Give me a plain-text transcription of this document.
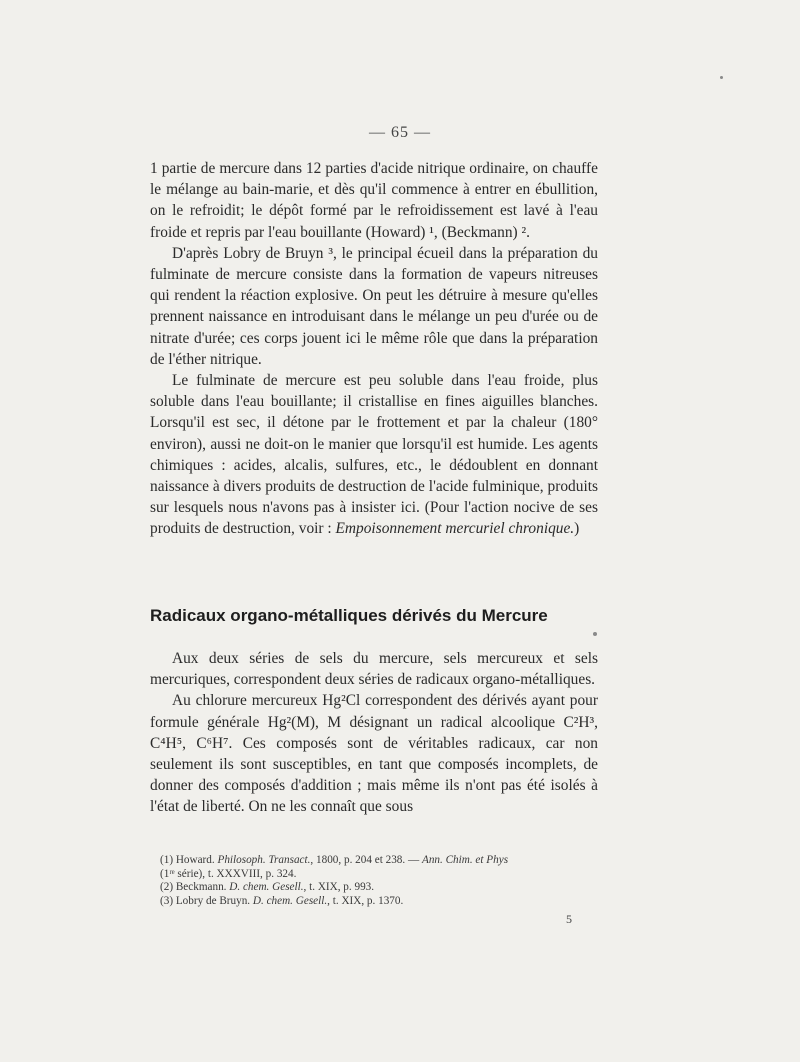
— 65 —

1 partie de mercure dans 12 parties d'acide nitrique ordinaire, on chauffe le mélange au bain-marie, et dès qu'il commence à entrer en ébullition, on le refroidit; le dépôt formé par le refroidissement est lavé à l'eau froide et repris par l'eau bouillante (Howard) ¹, (Beckmann) ².

D'après Lobry de Bruyn ³, le principal écueil dans la préparation du fulminate de mercure consiste dans la formation de vapeurs nitreuses qui rendent la réaction explosive. On peut les détruire à mesure qu'elles prennent naissance en introduisant dans le mélange un peu d'urée ou de nitrate d'urée; ces corps jouent ici le même rôle que dans la préparation de l'éther nitrique.

Le fulminate de mercure est peu soluble dans l'eau froide, plus soluble dans l'eau bouillante; il cristallise en fines aiguilles blanches. Lorsqu'il est sec, il détone par le frottement et par la chaleur (180° environ), aussi ne doit-on le manier que lorsqu'il est humide. Les agents chimiques : acides, alcalis, sulfures, etc., le dédoublent en donnant naissance à divers produits de destruction de l'acide fulminique, produits sur lesquels nous n'avons pas à insister ici. (Pour l'action nocive de ses produits de destruction, voir : Empoisonnement mercuriel chronique.)

Radicaux organo-métalliques dérivés du Mercure

Aux deux séries de sels du mercure, sels mercureux et sels mercuriques, correspondent deux séries de radicaux organo-métalliques.

Au chlorure mercureux Hg²Cl correspondent des dérivés ayant pour formule générale Hg²(M), M désignant un radical alcoolique C²H³, C⁴H⁵, C⁶H⁷. Ces composés sont de véritables radicaux, car non seulement ils sont susceptibles, en tant que composés incomplets, de donner des composés d'addition ; mais même ils n'ont pas été isolés à l'état de liberté. On ne les connaît que sous

(1) Howard. Philosoph. Transact., 1800, p. 204 et 238. — Ann. Chim. et Phys
(1ʳᵉ série), t. XXXVIII, p. 324.
(2) Beckmann. D. chem. Gesell., t. XIX, p. 993.
(3) Lobry de Bruyn. D. chem. Gesell., t. XIX, p. 1370.
5
